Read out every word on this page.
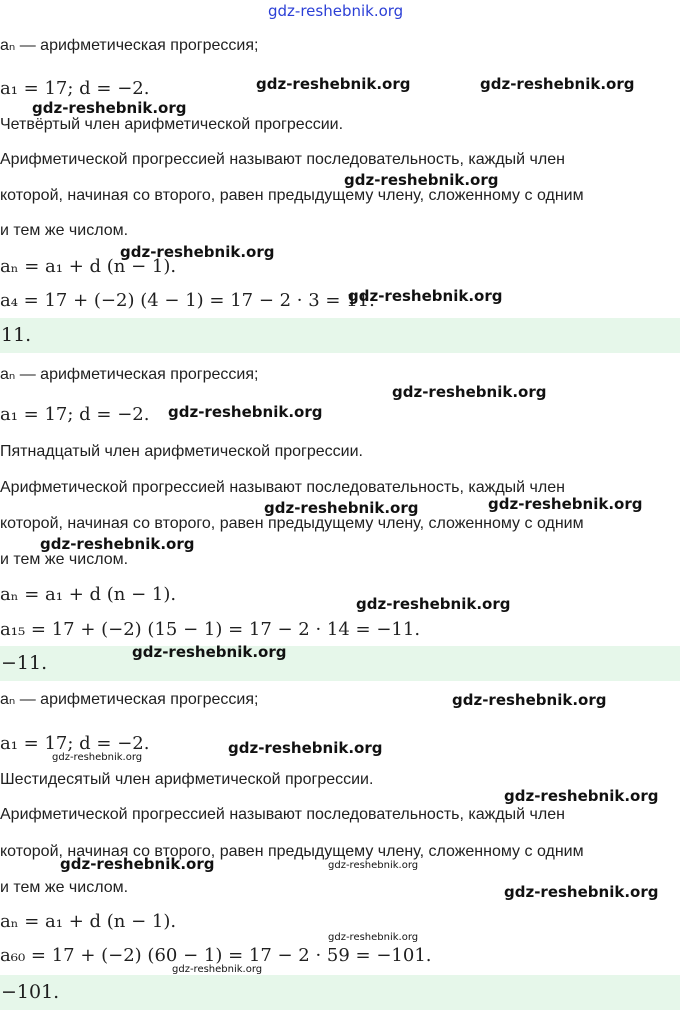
gdz-reshebnik.org
aₙ — арифметическая прогрессия;
a₁ = 17; d = −2.
Четвёртый член арифметической прогрессии.
Арифметической прогрессией называют последовательность, каждый член
которой, начиная со второго, равен предыдущему члену, сложенному с одним
и тем же числом.
aₙ = a₁ + d (n − 1).
a₄ = 17 + (−2) (4 − 1) = 17 − 2 · 3 = 11.
11.
aₙ — арифметическая прогрессия;
a₁ = 17; d = −2.
Пятнадцатый член арифметической прогрессии.
Арифметической прогрессией называют последовательность, каждый член
которой, начиная со второго, равен предыдущему члену, сложенному с одним
и тем же числом.
aₙ = a₁ + d (n − 1).
a₁₅ = 17 + (−2) (15 − 1) = 17 − 2 · 14 = −11.
−11.
aₙ — арифметическая прогрессия;
a₁ = 17; d = −2.
Шестидесятый член арифметической прогрессии.
Арифметической прогрессией называют последовательность, каждый член
которой, начиная со второго, равен предыдущему члену, сложенному с одним
и тем же числом.
aₙ = a₁ + d (n − 1).
a₆₀ = 17 + (−2) (60 − 1) = 17 − 2 · 59 = −101.
−101.
gdz-reshebnik.org	gdz-reshebnik.org
gdz-reshebnik.org
gdz-reshebnik.org
gdz-reshebnik.org
gdz-reshebnik.org
gdz-reshebnik.org
gdz-reshebnik.org
gdz-reshebnik.org	gdz-reshebnik.org
gdz-reshebnik.org
gdz-reshebnik.org
gdz-reshebnik.org
gdz-reshebnik.org
gdz-reshebnik.org
gdz-reshebnik.org
gdz-reshebnik.org
gdz-reshebnik.org	gdz-reshebnik.org
gdz-reshebnik.org
gdz-reshebnik.org
gdz-reshebnik.org
